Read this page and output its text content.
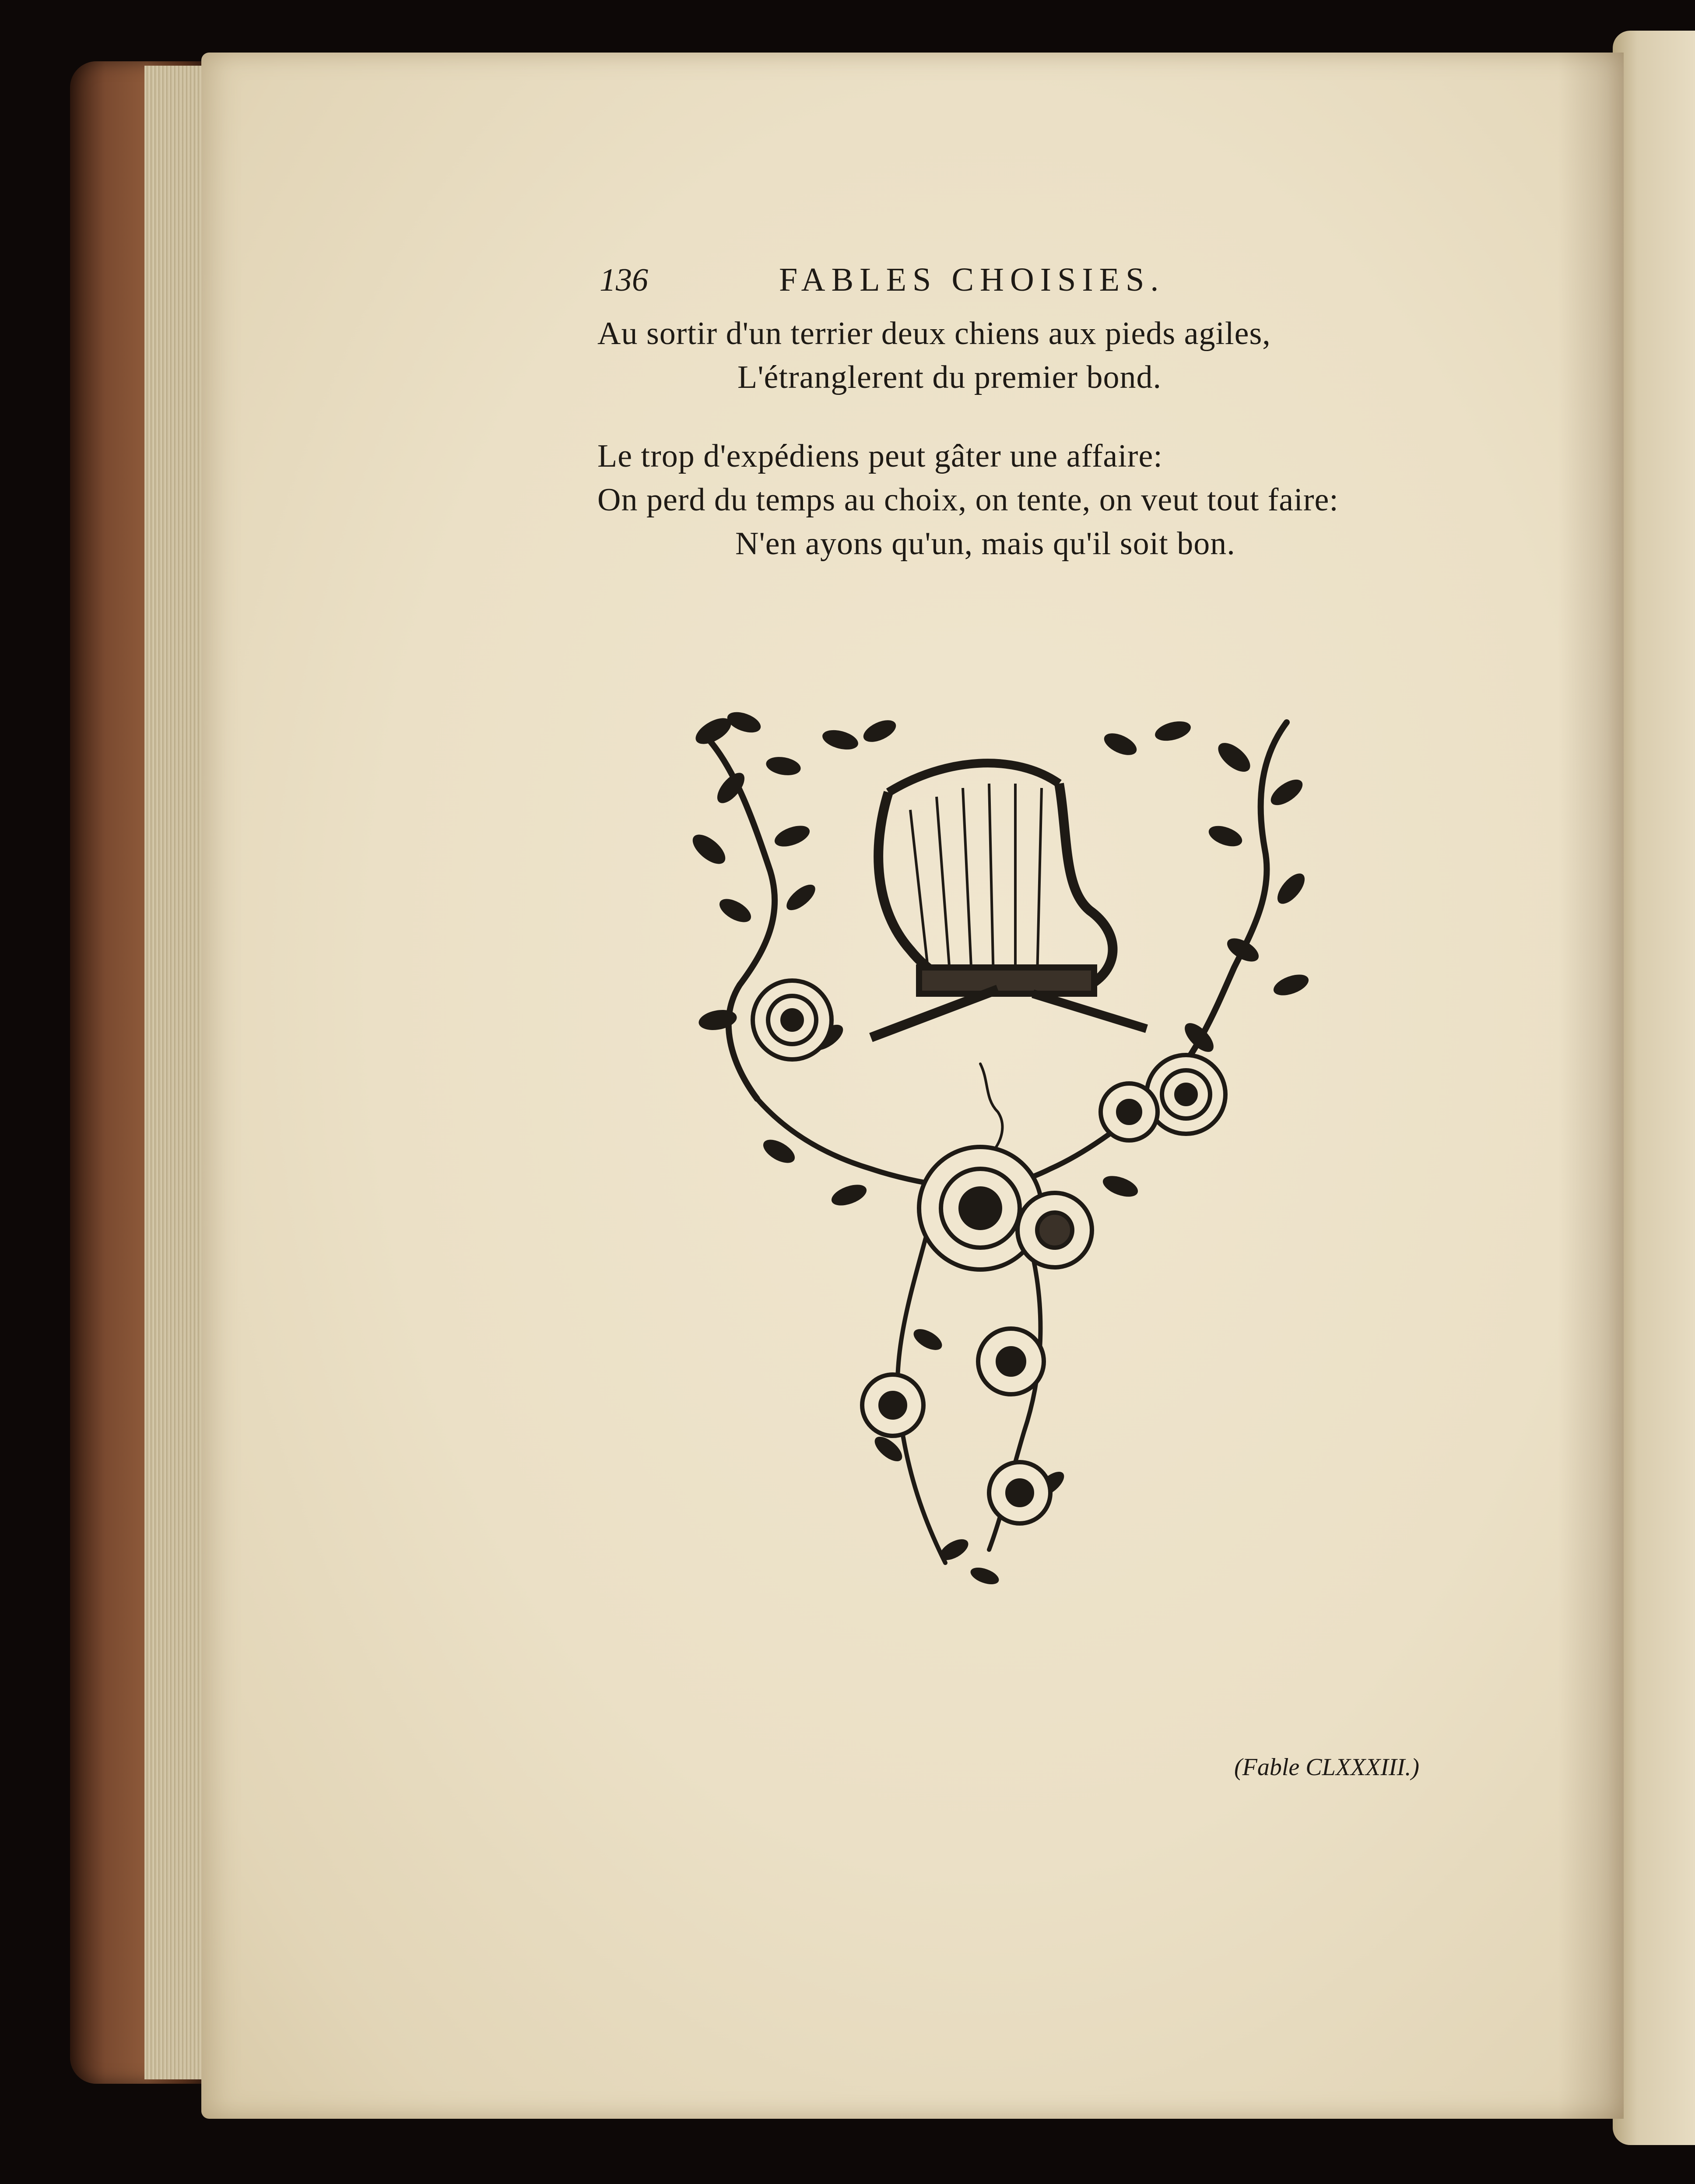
136	FABLES CHOISIES.
Au sortir d'un terrier deux chiens aux pieds agiles,
L'étranglerent du premier bond.
Le trop d'expédiens peut gâter une affaire:
On perd du temps au choix, on tente, on veut tout faire:
N'en ayons qu'un, mais qu'il soit bon.
(Fable CLXXXIII.)
